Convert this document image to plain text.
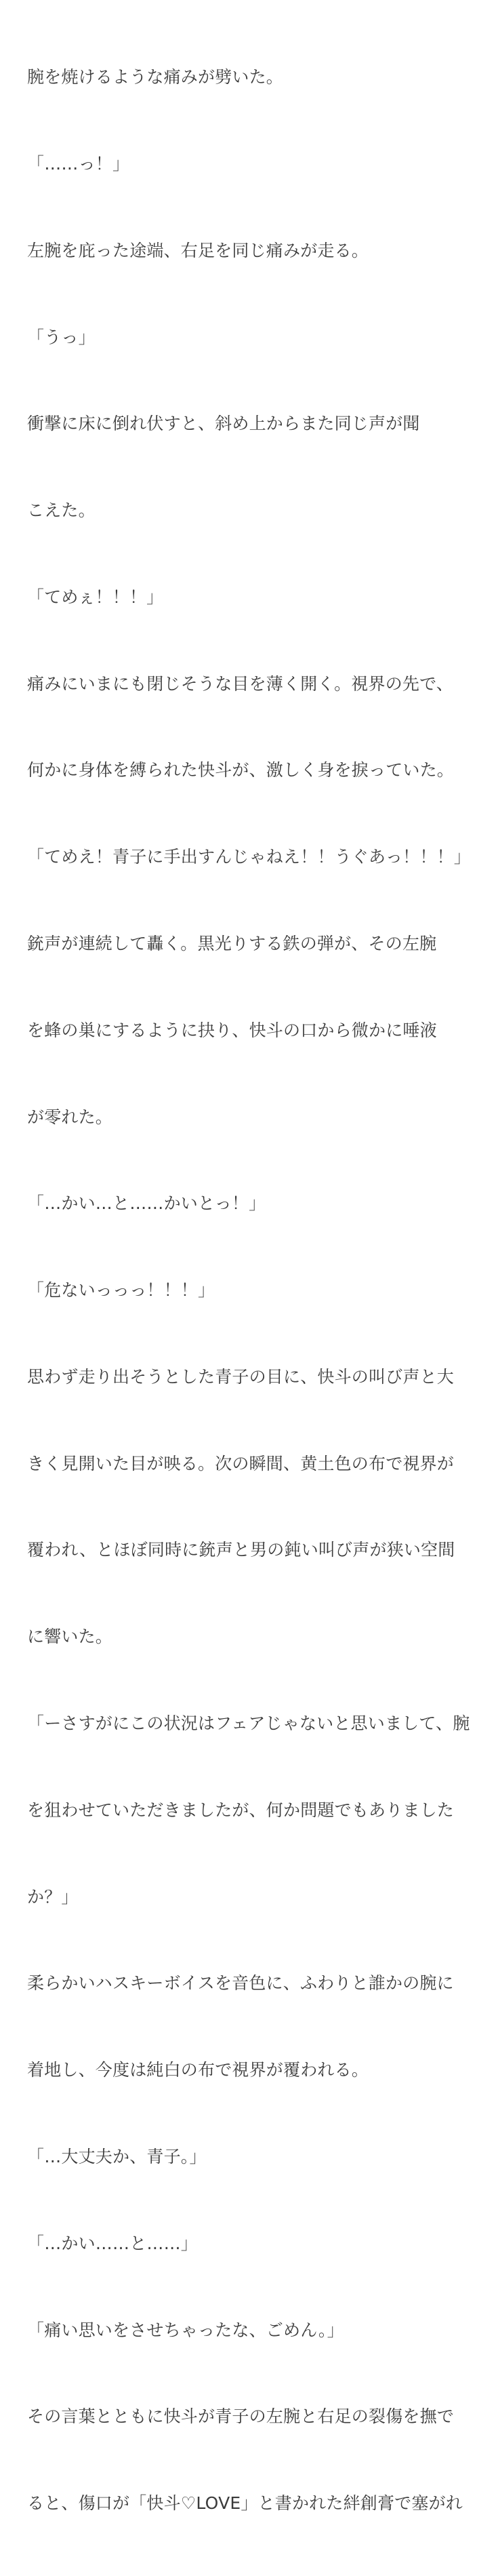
腕を焼けるような痛みが劈いた。

「……っ！」

左腕を庇った途端、右足を同じ痛みが走る。

「うっ」

衝撃に床に倒れ伏すと、斜め上からまた同じ声が聞

こえた。

「てめぇ！！！」

痛みにいまにも閉じそうな目を薄く開く。視界の先で、

何かに身体を縛られた快斗が、激しく身を捩っていた。

「てめえ！青子に手出すんじゃねえ！！うぐあっ！！！」

銃声が連続して轟く。黒光りする鉄の弾が、その左腕

を蜂の巣にするように抉り、快斗の口から微かに唾液

が零れた。

「…かい…と……かいとっ！」

「危ないっっっ！！！」

思わず走り出そうとした青子の目に、快斗の叫び声と大

きく見開いた目が映る。次の瞬間、黄土色の布で視界が

覆われ、とほぼ同時に銃声と男の鈍い叫び声が狭い空間

に響いた。

「ーさすがにこの状況はフェアじゃないと思いまして、腕

を狙わせていただきましたが、何か問題でもありました

か？」

柔らかいハスキーボイスを音色に、ふわりと誰かの腕に

着地し、今度は純白の布で視界が覆われる。

「…大丈夫か、青子。」

「…かい……と……」

「痛い思いをさせちゃったな、ごめん。」

その言葉とともに快斗が青子の左腕と右足の裂傷を撫で

ると、傷口が「快斗♡LOVE」と書かれた絆創膏で塞がれ
